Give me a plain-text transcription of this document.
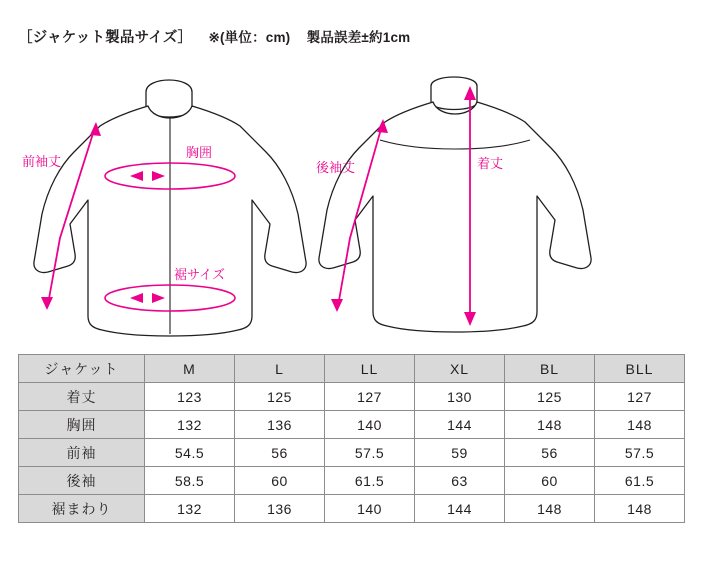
［ジャケット製品サイズ］ ※(単位：cm) 製品誤差±約1cm
前袖丈
胸囲
裾サイズ
後袖丈	着丈
ジャケット	M	L	LL	XL	BL	BLL
着丈	123	125	127	130	125	127
胸囲	132	136	140	144	148	148
前袖	54.5	56	57.5	59	56	57.5
後袖	58.5	60	61.5	63	60	61.5
裾まわり	132	136	140	144	148	148
